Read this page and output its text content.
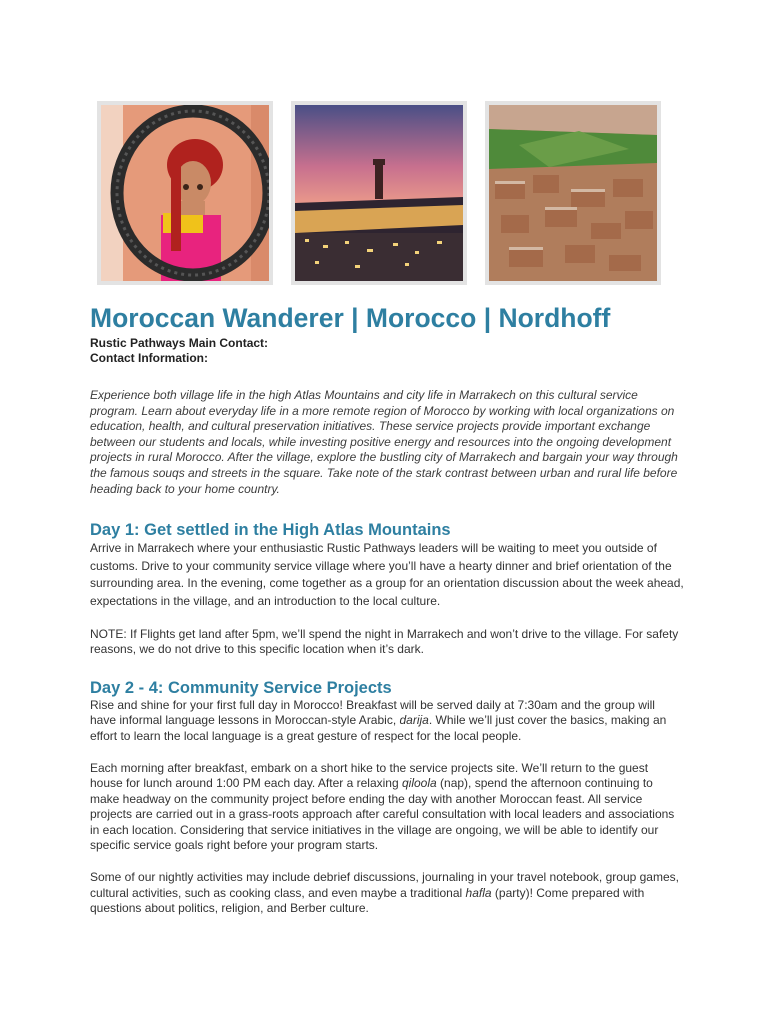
Moroccan Wanderer | Morocco | Nordhoff
Rustic Pathways Main Contact:
Contact Information:

Experience both village life in the high Atlas Mountains and city life in Marrakech on this cultural service program. Learn about everyday life in a more remote region of Morocco by working with local organizations on education, health, and cultural preservation initiatives. These service projects provide important exchange between our students and locals, while investing positive energy and resources into the ongoing development projects in rural Morocco. After the village, explore the bustling city of Marrakech and bargain your way through the famous souqs and streets in the square. Take note of the stark contrast between urban and rural life before heading back to your home country.

Day 1: Get settled in the High Atlas Mountains

Arrive in Marrakech where your enthusiastic Rustic Pathways leaders will be waiting to meet you outside of customs. Drive to your community service village where you’ll have a hearty dinner and brief orientation of the surrounding area. In the evening, come together as a group for an orientation discussion about the week ahead, expectations in the village, and an introduction to the local culture.

NOTE: If Flights get land after 5pm, we’ll spend the night in Marrakech and won’t drive to the village. For safety reasons, we do not drive to this specific location when it’s dark.

Day 2 - 4: Community Service Projects

Rise and shine for your first full day in Morocco! Breakfast will be served daily at 7:30am and the group will have informal language lessons in Moroccan-style Arabic, darija. While we’ll just cover the basics, making an effort to learn the local language is a great gesture of respect for the local people.

Each morning after breakfast, embark on a short hike to the service projects site. We’ll return to the guest house for lunch around 1:00 PM each day. After a relaxing qiloola (nap), spend the afternoon continuing to make headway on the community project before ending the day with another Moroccan feast. All service projects are carried out in a grass-roots approach after careful consultation with local leaders and associations in each location. Considering that service initiatives in the village are ongoing, we will be able to identify our specific service goals right before your program starts.

Some of our nightly activities may include debrief discussions, journaling in your travel notebook, group games, cultural activities, such as cooking class, and even maybe a traditional hafla (party)! Come prepared with questions about politics, religion, and Berber culture.
